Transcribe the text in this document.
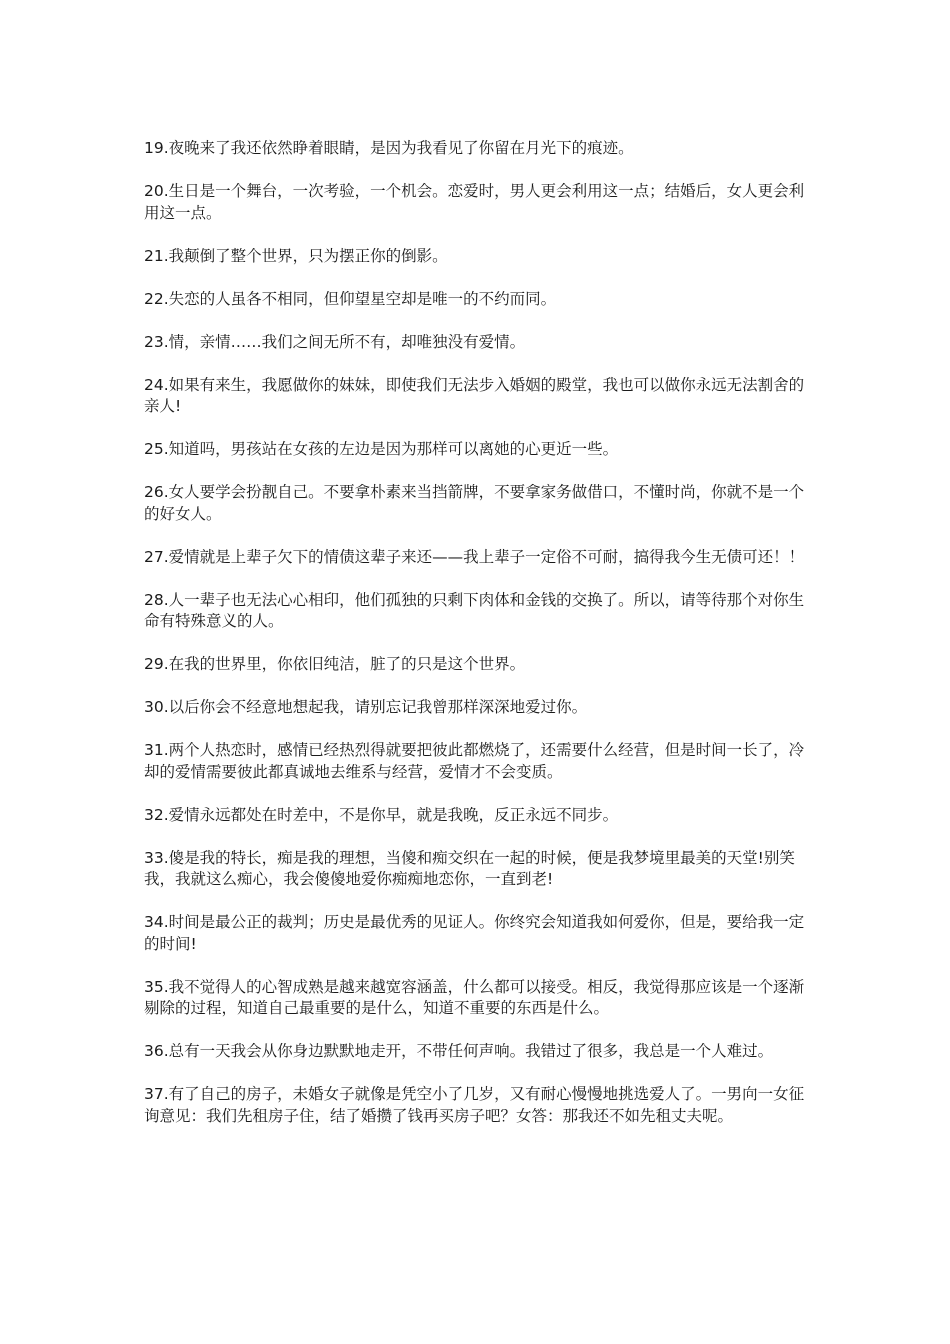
19.夜晚来了我还依然睁着眼睛，是因为我看见了你留在月光下的痕迹。

20.生日是一个舞台，一次考验，一个机会。恋爱时，男人更会利用这一点；结婚后，女人更会利用这一点。

21.我颠倒了整个世界，只为摆正你的倒影。

22.失恋的人虽各不相同，但仰望星空却是唯一的不约而同。

23.情，亲情……我们之间无所不有，却唯独没有爱情。

24.如果有来生，我愿做你的妹妹，即使我们无法步入婚姻的殿堂，我也可以做你永远无法割舍的亲人!

25.知道吗，男孩站在女孩的左边是因为那样可以离她的心更近一些。

26.女人要学会扮靓自己。不要拿朴素来当挡箭牌，不要拿家务做借口，不懂时尚，你就不是一个的好女人。

27.爱情就是上辈子欠下的情债这辈子来还——我上辈子一定俗不可耐，搞得我今生无债可还！！

28.人一辈子也无法心心相印，他们孤独的只剩下肉体和金钱的交换了。所以，请等待那个对你生命有特殊意义的人。

29.在我的世界里，你依旧纯洁，脏了的只是这个世界。

30.以后你会不经意地想起我，请别忘记我曾那样深深地爱过你。

31.两个人热恋时，感情已经热烈得就要把彼此都燃烧了，还需要什么经营，但是时间一长了，冷却的爱情需要彼此都真诚地去维系与经营，爱情才不会变质。

32.爱情永远都处在时差中，不是你早，就是我晚，反正永远不同步。

33.傻是我的特长，痴是我的理想，当傻和痴交织在一起的时候，便是我梦境里最美的天堂!别笑我，我就这么痴心，我会傻傻地爱你痴痴地恋你，一直到老!

34.时间是最公正的裁判；历史是最优秀的见证人。你终究会知道我如何爱你，但是，要给我一定的时间!

35.我不觉得人的心智成熟是越来越宽容涵盖，什么都可以接受。相反，我觉得那应该是一个逐渐剔除的过程，知道自己最重要的是什么，知道不重要的东西是什么。

36.总有一天我会从你身边默默地走开，不带任何声响。我错过了很多，我总是一个人难过。

37.有了自己的房子，未婚女子就像是凭空小了几岁，又有耐心慢慢地挑选爱人了。一男向一女征询意见：我们先租房子住，结了婚攒了钱再买房子吧？女答：那我还不如先租丈夫呢。
